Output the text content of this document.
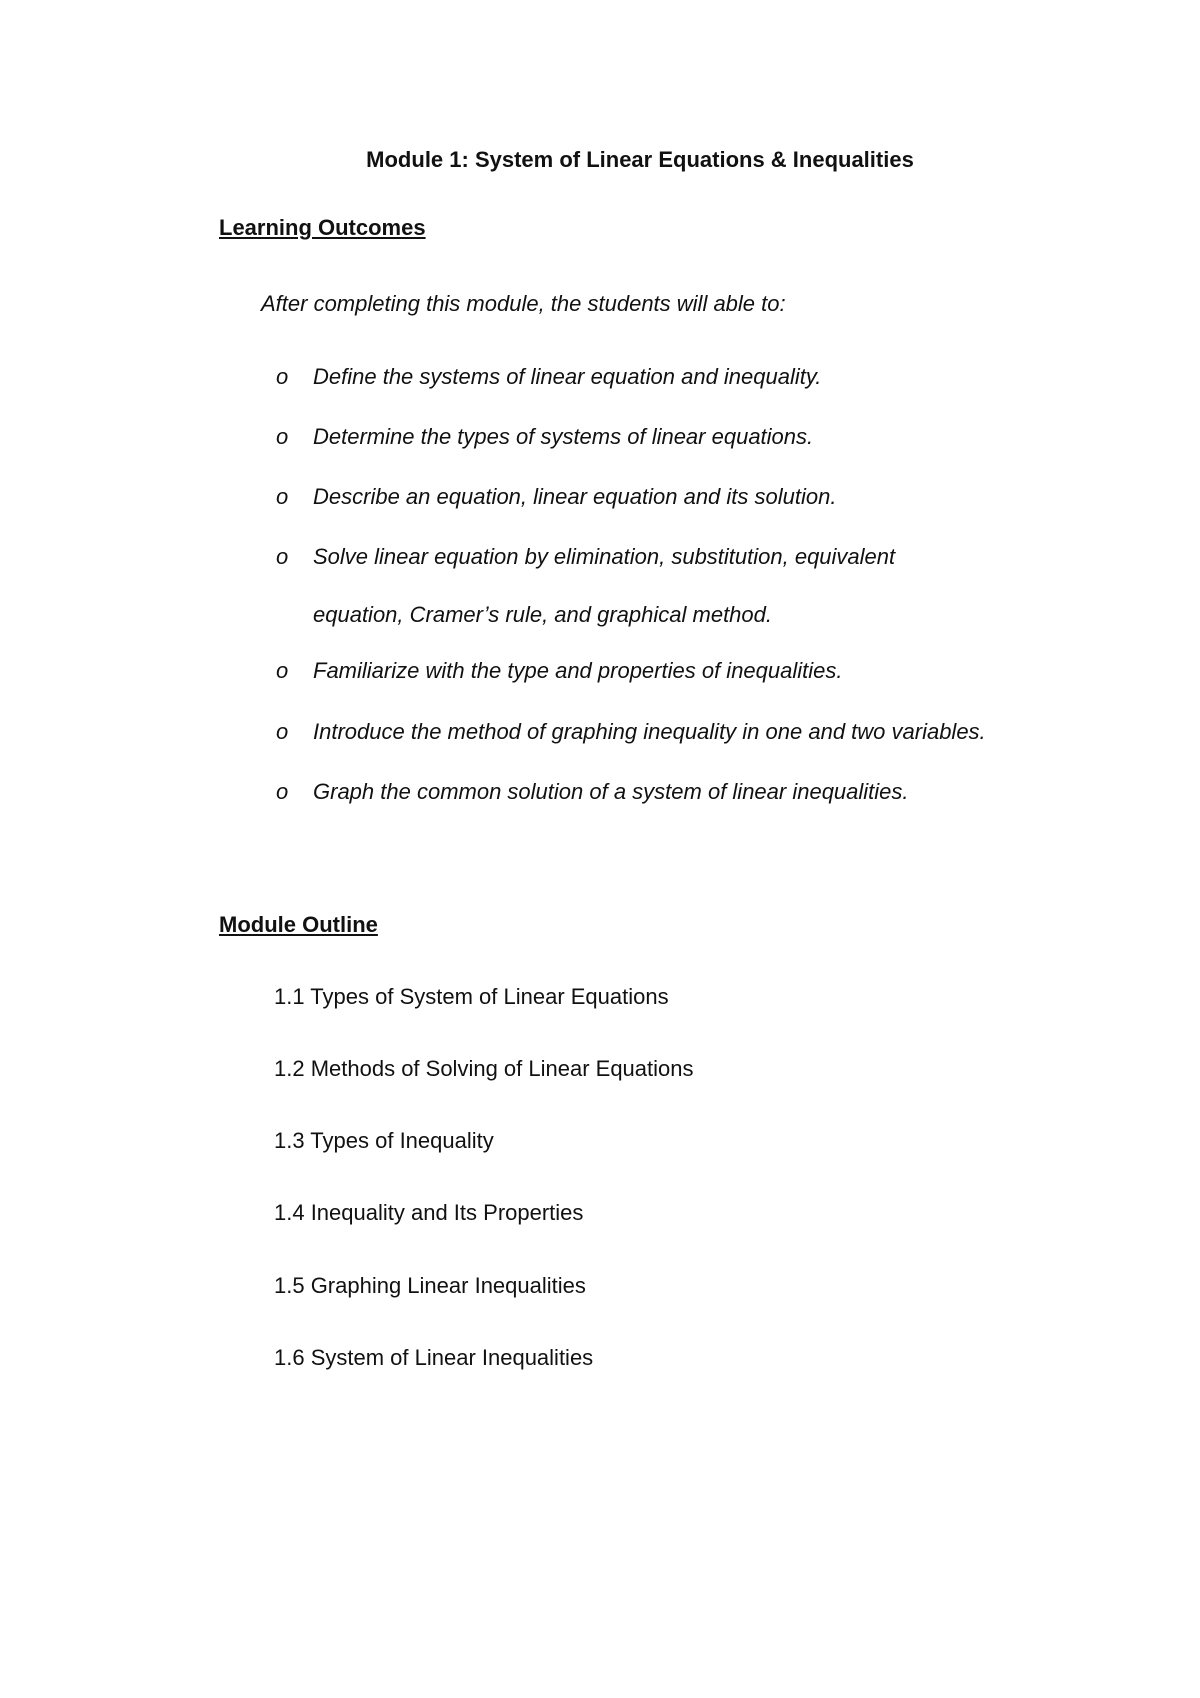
Module 1: System of Linear Equations & Inequalities
Learning Outcomes
After completing this module, the students will able to:
o Define the systems of linear equation and inequality.
o Determine the types of systems of linear equations.
o Describe an equation, linear equation and its solution.
o Solve linear equation by elimination, substitution, equivalent
equation, Cramer’s rule, and graphical method.
o Familiarize with the type and properties of inequalities.
o Introduce the method of graphing inequality in one and two variables.
o Graph the common solution of a system of linear inequalities.
Module Outline
1.1 Types of System of Linear Equations
1.2 Methods of Solving of Linear Equations
1.3 Types of Inequality
1.4 Inequality and Its Properties
1.5 Graphing Linear Inequalities
1.6 System of Linear Inequalities
